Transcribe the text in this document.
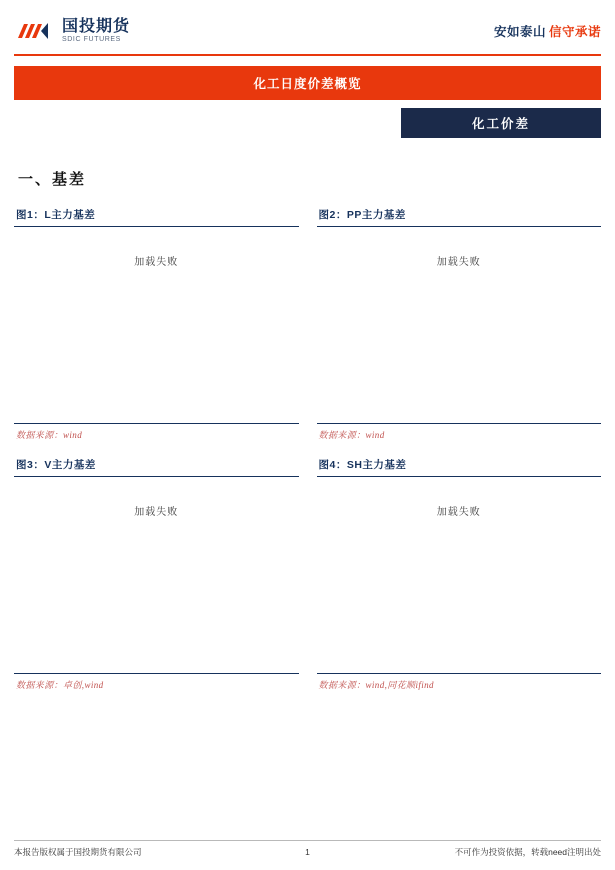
国投期货
SDIC FUTURES
安如泰山 信守承诺
化工日度价差概览
化工价差
一、基差
图1：L主力基差
加载失败
数据来源：wind
图2：PP主力基差
加载失败
数据来源：wind
图3：V主力基差
加载失败
数据来源：卓创,wind
图4：SH主力基差
加载失败
数据来源：wind,同花顺ifind
本报告版权属于国投期货有限公司	1	不可作为投资依据，转载need注明出处
